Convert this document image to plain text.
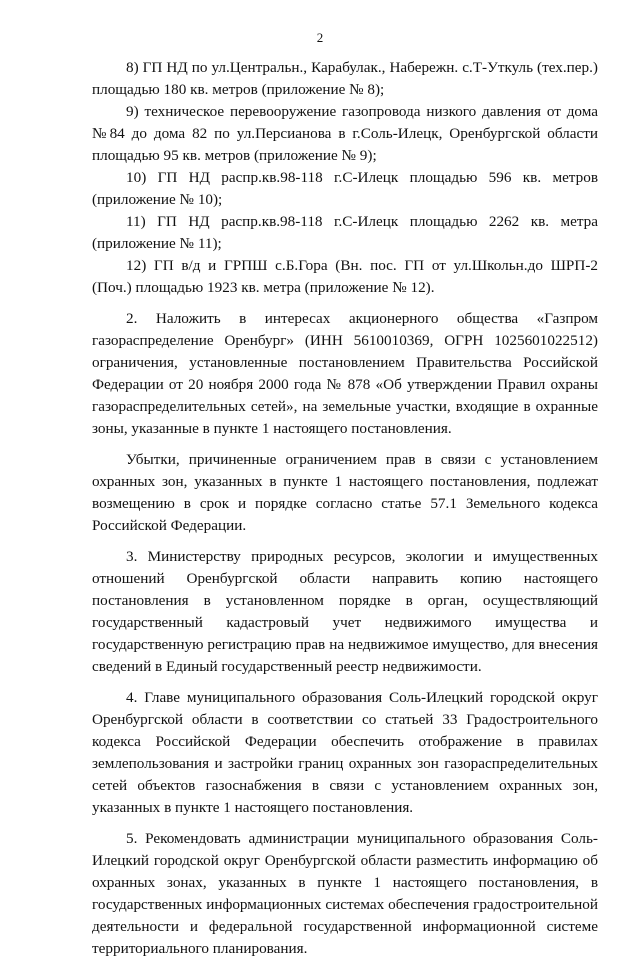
2

8) ГП НД по ул.Центральн., Карабулак., Набережн. с.Т-Уткуль (тех.пер.) площадью 180 кв. метров (приложение № 8);

9) техническое перевооружение газопровода низкого давления от дома №84 до дома 82 по ул.Персианова в г.Соль-Илецк, Оренбургской области площадью 95 кв. метров (приложение № 9);

10) ГП НД распр.кв.98-118 г.С-Илецк площадью 596 кв. метров (приложение № 10);

11) ГП НД распр.кв.98-118 г.С-Илецк площадью 2262 кв. метра (приложение № 11);

12) ГП в/д и ГРПШ с.Б.Гора (Вн. пос. ГП от ул.Школьн.до ШРП-2 (Поч.) площадью 1923 кв. метра (приложение № 12).

2. Наложить в интересах акционерного общества «Газпром газораспределение Оренбург» (ИНН 5610010369, ОГРН 1025601022512) ограничения, установленные постановлением Правительства Российской Федерации от 20 ноября 2000 года № 878 «Об утверждении Правил охраны газораспределительных сетей», на земельные участки, входящие в охранные зоны, указанные в пункте 1 настоящего постановления.

Убытки, причиненные ограничением прав в связи с установлением охранных зон, указанных в пункте 1 настоящего постановления, подлежат возмещению в срок и порядке согласно статье 57.1 Земельного кодекса Российской Федерации.

3. Министерству природных ресурсов, экологии и имущественных отношений Оренбургской области направить копию настоящего постановления в установленном порядке в орган, осуществляющий государственный кадастровый учет недвижимого имущества и государственную регистрацию прав на недвижимое имущество, для внесения сведений в Единый государственный реестр недвижимости.

4. Главе муниципального образования Соль-Илецкий городской округ Оренбургской области в соответствии со статьей 33 Градостроительного кодекса Российской Федерации обеспечить отображение в правилах землепользования и застройки границ охранных зон газораспределительных сетей объектов газоснабжения в связи с установлением охранных зон, указанных в пункте 1 настоящего постановления.

5. Рекомендовать администрации муниципального образования Соль-Илецкий городской округ Оренбургской области разместить информацию об охранных зонах, указанных в пункте 1 настоящего постановления, в государственных информационных системах обеспечения градостроительной деятельности и федеральной государственной информационной системе территориального планирования.
